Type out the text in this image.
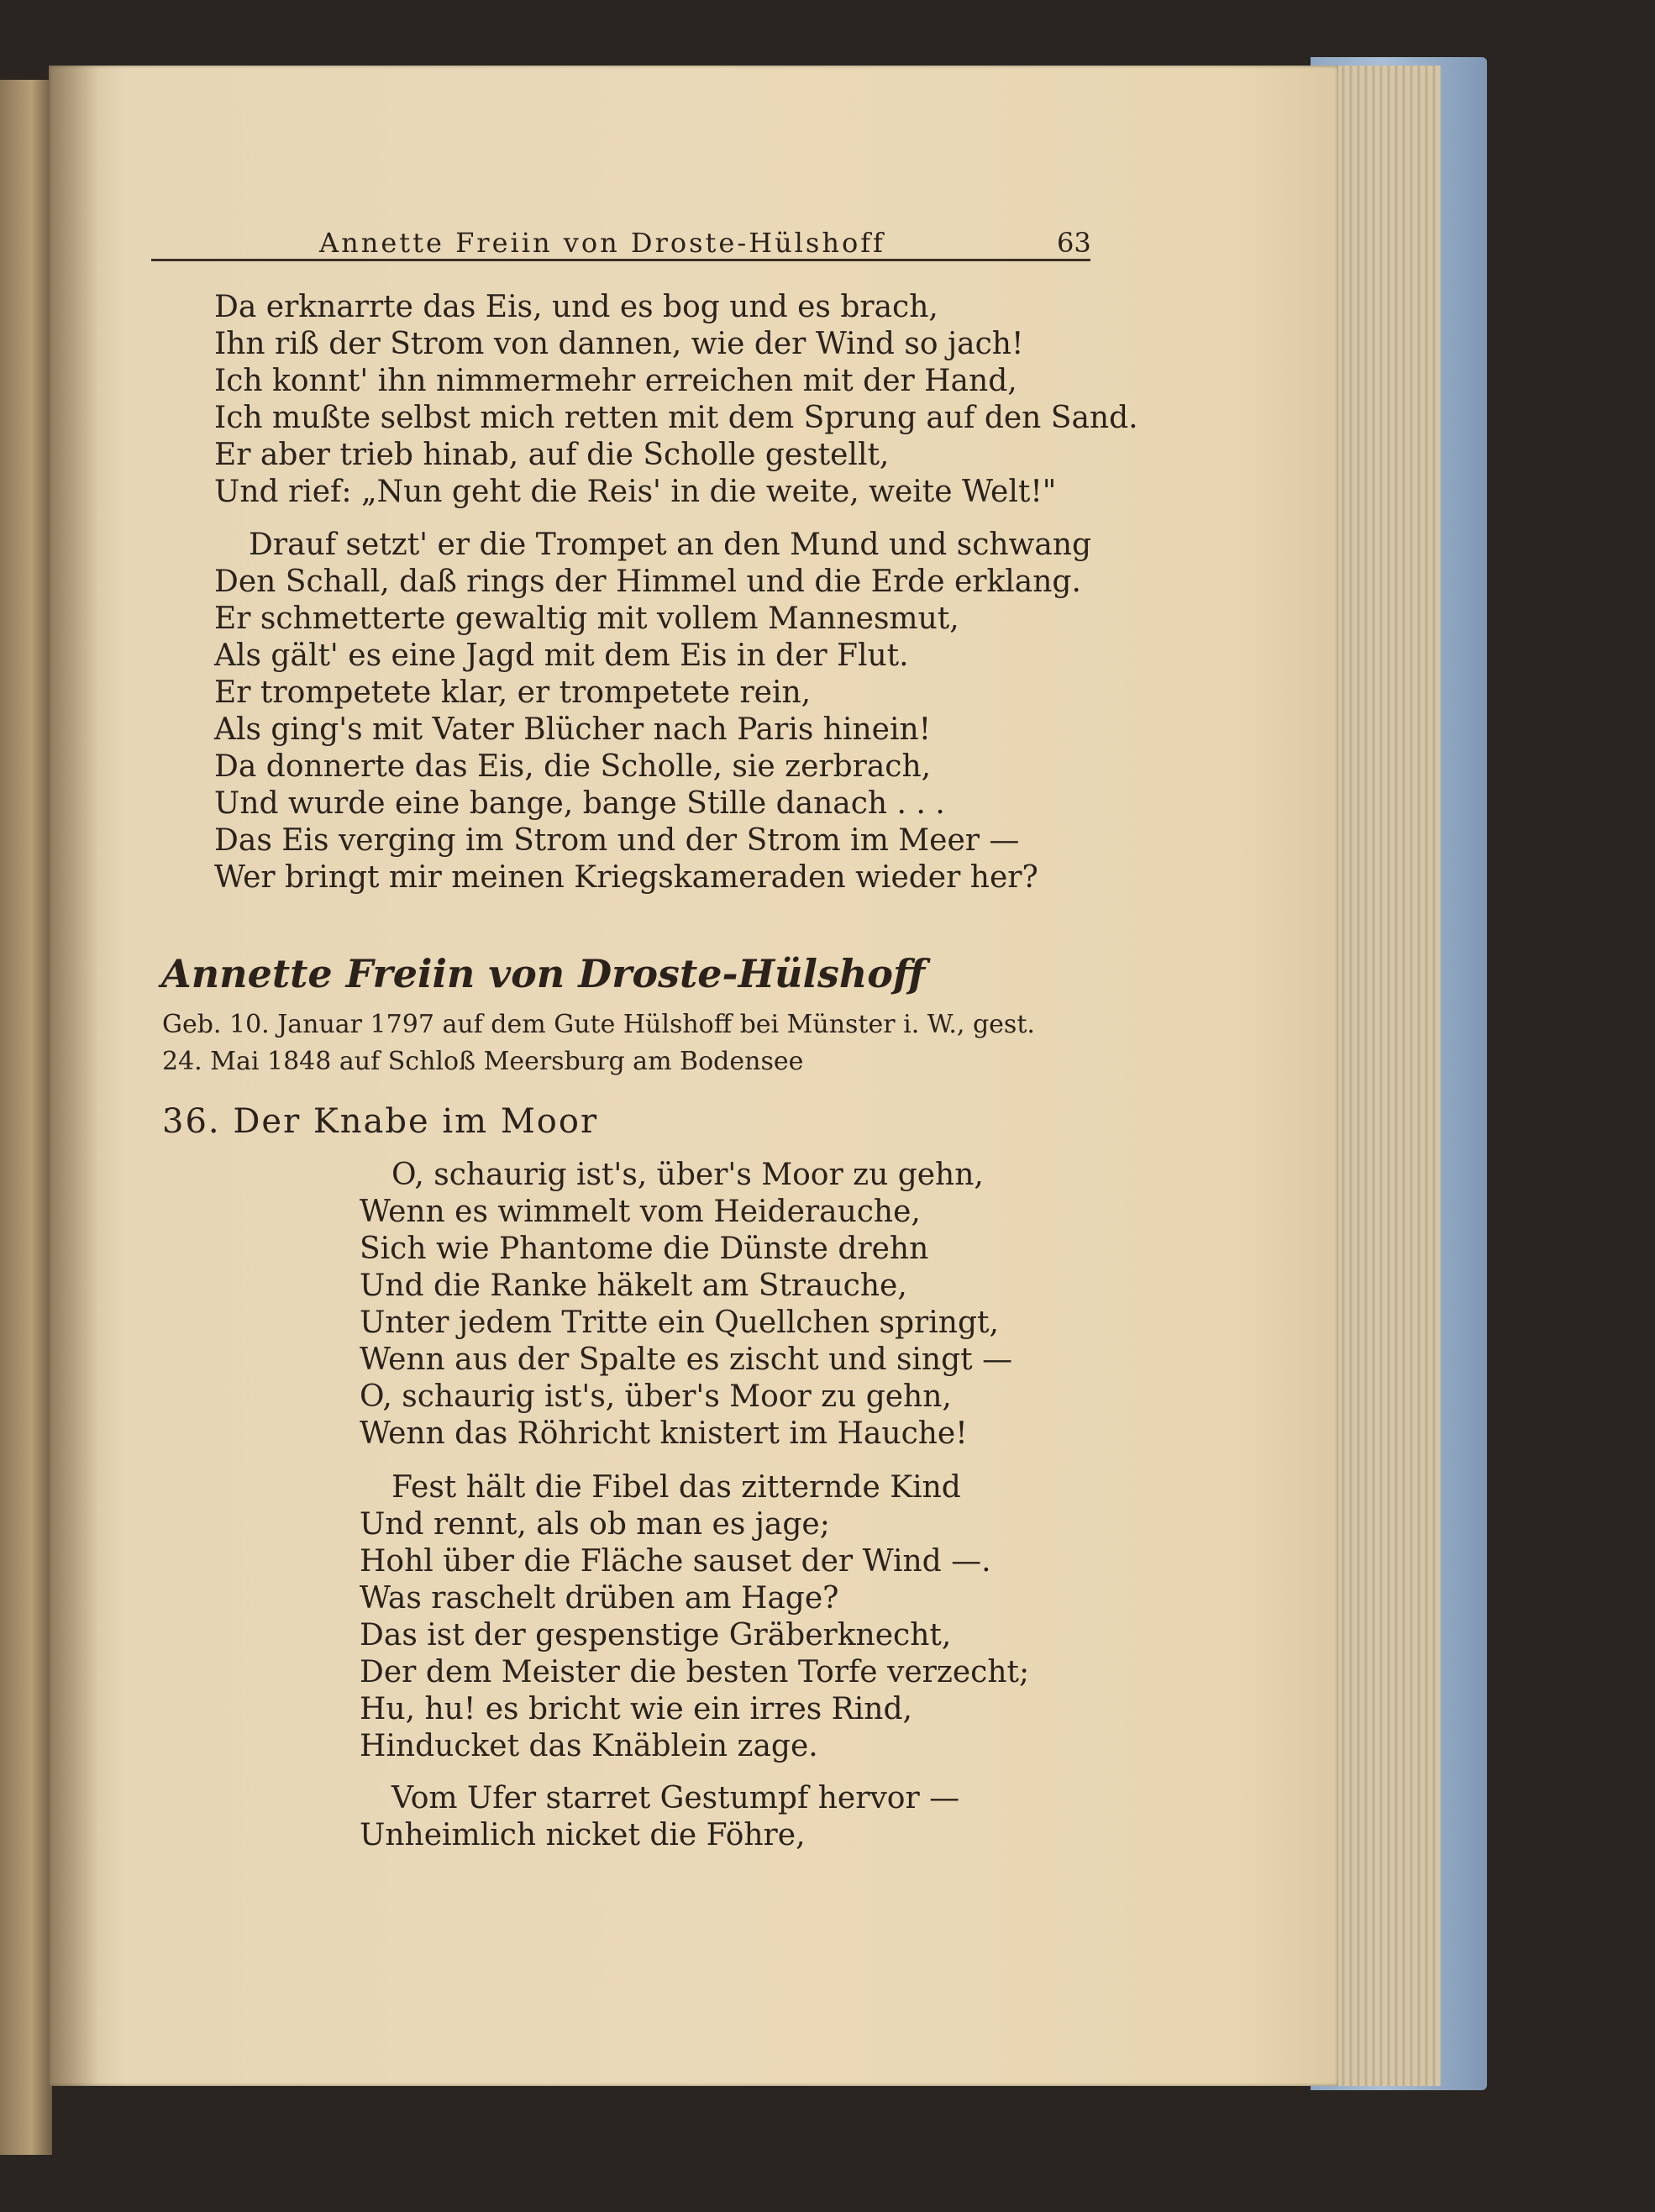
Annette Freiin von Droste-Hülshoff	63
Da erknarrte das Eis, und es bog und es brach,
Ihn riß der Strom von dannen, wie der Wind so jach!
Ich konnt' ihn nimmermehr erreichen mit der Hand,
Ich mußte selbst mich retten mit dem Sprung auf den Sand.
Er aber trieb hinab, auf die Scholle gestellt,
Und rief: „Nun geht die Reis' in die weite, weite Welt!"
Drauf setzt' er die Trompet an den Mund und schwang
Den Schall, daß rings der Himmel und die Erde erklang.
Er schmetterte gewaltig mit vollem Mannesmut,
Als gält' es eine Jagd mit dem Eis in der Flut.
Er trompetete klar, er trompetete rein,
Als ging's mit Vater Blücher nach Paris hinein!
Da donnerte das Eis, die Scholle, sie zerbrach,
Und wurde eine bange, bange Stille danach . . .
Das Eis verging im Strom und der Strom im Meer —
Wer bringt mir meinen Kriegskameraden wieder her?
Annette Freiin von Droste-Hülshoff
Geb. 10. Januar 1797 auf dem Gute Hülshoff bei Münster i. W., gest.
24. Mai 1848 auf Schloß Meersburg am Bodensee
36. Der Knabe im Moor
O, schaurig ist's, über's Moor zu gehn,
Wenn es wimmelt vom Heiderauche,
Sich wie Phantome die Dünste drehn
Und die Ranke häkelt am Strauche,
Unter jedem Tritte ein Quellchen springt,
Wenn aus der Spalte es zischt und singt —
O, schaurig ist's, über's Moor zu gehn,
Wenn das Röhricht knistert im Hauche!
Fest hält die Fibel das zitternde Kind
Und rennt, als ob man es jage;
Hohl über die Fläche sauset der Wind —.
Was raschelt drüben am Hage?
Das ist der gespenstige Gräberknecht,
Der dem Meister die besten Torfe verzecht;
Hu, hu! es bricht wie ein irres Rind,
Hinducket das Knäblein zage.
Vom Ufer starret Gestumpf hervor —
Unheimlich nicket die Föhre,
